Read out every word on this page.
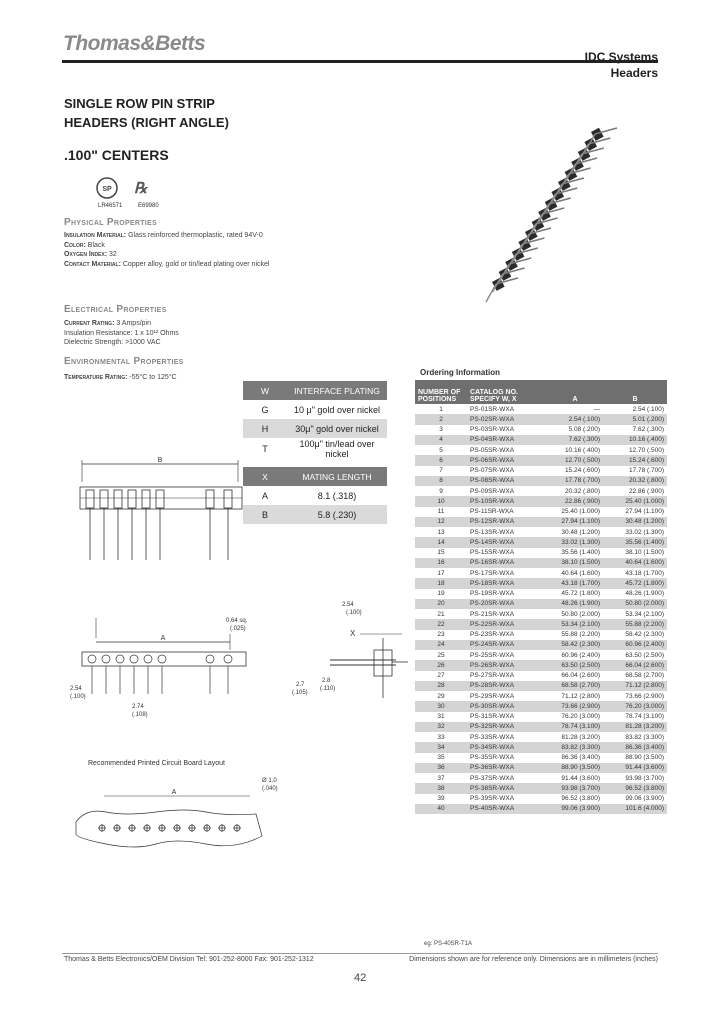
Thomas&Betts
IDC Systems
Headers
SINGLE ROW PIN STRIP
HEADERS (RIGHT ANGLE)
.100" CENTERS
SP ℞
LR46571	E69980
Physical Properties
Insulation Material: Glass reinforced thermoplastic, rated 94V-0
Color: Black
Oxygen Index: 32
Contact Material: Copper alloy, gold or tin/lead plating over nickel
Electrical Properties
Current Rating: 3 Amps/pin
Insulation Resistance: 1 x 10¹² Ohms
Dielectric Strength: >1000 VAC
Environmental Properties
Temperature Rating: -55°C to 125°C
W	INTERFACE PLATING
G	10 μ" gold over nickel
H	30μ" gold over nickel
T	100μ" tin/lead over nickel
X	MATING LENGTH
A	8.1 (.318)
B	5.8 (.230)
B
A
0.64 sq.
(.025)
2.54
(.100)
2.74
(.108)
2.54
(.100)
X
2.7
(.105)
2.8
(.110)
Recommended Printed Circuit Board Layout
Ø 1.0
(.040)
A
Ordering Information
NUMBER OF POSITIONS	CATALOG NO. SPECIFY W, X	A	B
1	PS-01SR-WXA	—	2.54 (.100)
2	PS-02SR-WXA	2.54 (.100)	5.01 (.200)
3	PS-03SR-WXA	5.08 (.200)	7.62 (.300)
4	PS-04SR-WXA	7.62 (.300)	10.16 (.400)
5	PS-05SR-WXA	10.16 (.400)	12.70 (.500)
6	PS-06SR-WXA	12.70 (.500)	15.24 (.600)
7	PS-07SR-WXA	15.24 (.600)	17.78 (.700)
8	PS-08SR-WXA	17.78 (.700)	20.32 (.800)
9	PS-09SR-WXA	20.32 (.800)	22.86 (.900)
10	PS-10SR-WXA	22.86 (.900)	25.40 (1.000)
11	PS-11SR-WXA	25.40 (1.000)	27.94 (1.100)
12	PS-12SR-WXA	27.94 (1.100)	30.48 (1.200)
13	PS-13SR-WXA	30.48 (1.200)	33.02 (1.300)
14	PS-14SR-WXA	33.02 (1.300)	35.56 (1.400)
15	PS-15SR-WXA	35.56 (1.400)	38.10 (1.500)
16	PS-16SR-WXA	38.10 (1.500)	40.64 (1.600)
17	PS-17SR-WXA	40.64 (1.600)	43.18 (1.700)
18	PS-18SR-WXA	43.18 (1.700)	45.72 (1.800)
19	PS-19SR-WXA	45.72 (1.800)	48.26 (1.900)
20	PS-20SR-WXA	48.26 (1.900)	50.80 (2.000)
21	PS-21SR-WXA	50.80 (2.000)	53.34 (2.100)
22	PS-22SR-WXA	53.34 (2.100)	55.88 (2.200)
23	PS-23SR-WXA	55.88 (2.200)	58.42 (2.300)
24	PS-24SR-WXA	58.42 (2.300)	60.96 (2.400)
25	PS-25SR-WXA	60.96 (2.400)	63.50 (2.500)
26	PS-26SR-WXA	63.50 (2.500)	66.04 (2.600)
27	PS-27SR-WXA	66.04 (2.600)	68.58 (2.700)
28	PS-28SR-WXA	68.58 (2.700)	71.12 (2.800)
29	PS-29SR-WXA	71.12 (2.800)	73.66 (2.900)
30	PS-30SR-WXA	73.66 (2.900)	76.20 (3.000)
31	PS-31SR-WXA	76.20 (3.000)	78.74 (3.100)
32	PS-32SR-WXA	78.74 (3.100)	81.28 (3.200)
33	PS-33SR-WXA	81.28 (3.200)	83.82 (3.300)
34	PS-34SR-WXA	83.82 (3.300)	86.36 (3.400)
35	PS-35SR-WXA	86.36 (3.400)	88.90 (3.500)
36	PS-36SR-WXA	88.90 (3.500)	91.44 (3.600)
37	PS-37SR-WXA	91.44 (3.600)	93.98 (3.700)
38	PS-38SR-WXA	93.98 (3.700)	96.52 (3.800)
39	PS-39SR-WXA	96.52 (3.800)	99.06 (3.900)
40	PS-40SR-WXA	99.06 (3.900)	101.6 (4.000)
eg: PS-40SR-T1A
Thomas & Betts Electronics/OEM Division Tel: 901-252-8000 Fax: 901-252-1312	Dimensions shown are for reference only. Dimensions are in millimeters (inches)
42
